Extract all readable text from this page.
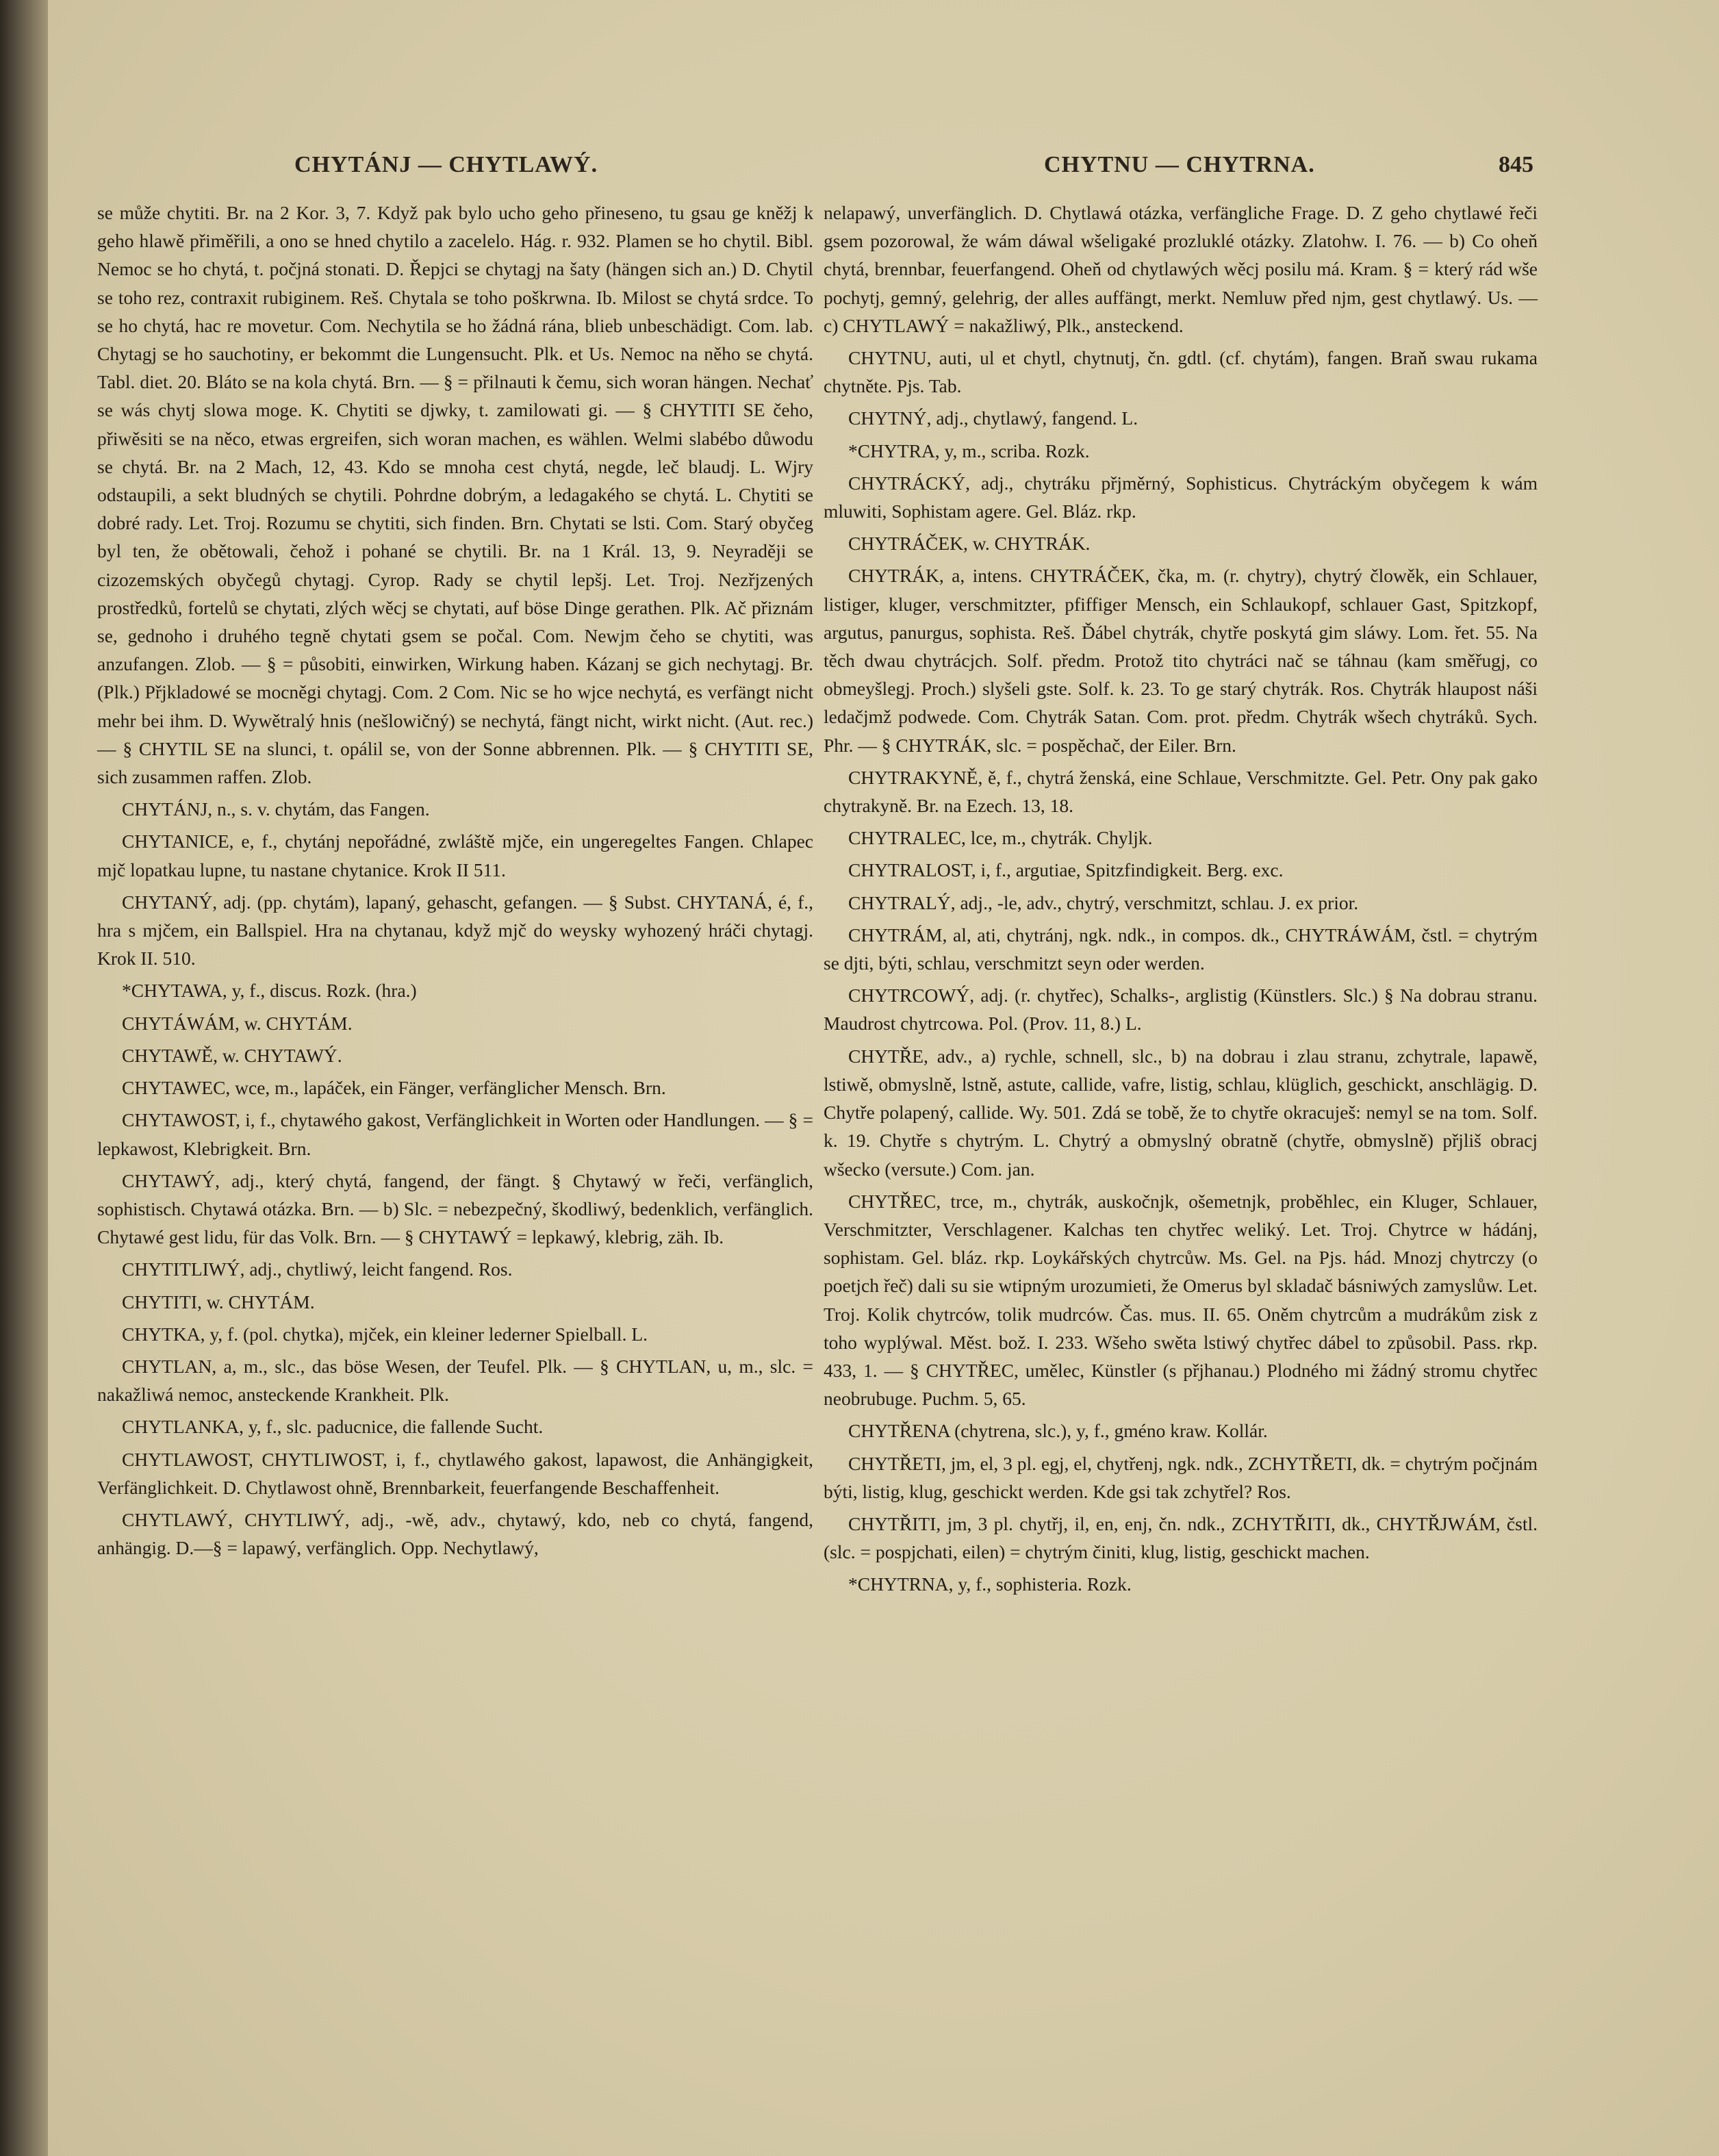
CHYTÁNJ — CHYTLAWÝ.	CHYTNU — CHYTRNA.	845

se může chytiti. Br. na 2 Kor. 3, 7. Když pak bylo ucho geho přineseno, tu gsau ge kněžj k geho hlawě přiměřili, a ono se hned chytilo a zacelelo. Hág. r. 932. Plamen se ho chytil. Bibl. Nemoc se ho chytá, t. počjná stonati. D. Řepjci se chytagj na šaty (hängen sich an.) D. Chytil se toho rez, contraxit rubiginem. Reš. Chytala se toho poškrwna. Ib. Milost se chytá srdce. To se ho chytá, hac re movetur. Com. Nechytila se ho žádná rána, blieb unbeschädigt. Com. lab. Chytagj se ho sauchotiny, er bekommt die Lungensucht. Plk. et Us. Nemoc na něho se chytá. Tabl. diet. 20. Bláto se na kola chytá. Brn. — § = přilnauti k čemu, sich woran hängen. Nechať se wás chytj slowa moge. K. Chytiti se djwky, t. zamilowati gi. — § CHYTITI SE čeho, přiwěsiti se na něco, etwas ergreifen, sich woran machen, es wählen. Welmi slabébo důwodu se chytá. Br. na 2 Mach, 12, 43. Kdo se mnoha cest chytá, negde, leč blaudj. L. Wjry odstaupili, a sekt bludných se chytili. Pohrdne dobrým, a ledagakého se chytá. L. Chytiti se dobré rady. Let. Troj. Rozumu se chytiti, sich finden. Brn. Chytati se lsti. Com. Starý obyčeg byl ten, že obětowali, čehož i pohané se chytili. Br. na 1 Král. 13, 9. Neyraději se cizozemských obyčegů chytagj. Cyrop. Rady se chytil lepšj. Let. Troj. Nezřjzených prostředků, fortelů se chytati, zlých wěcj se chytati, auf böse Dinge gerathen. Plk. Ač přiznám se, gednoho i druhého tegně chytati gsem se počal. Com. Newjm čeho se chytiti, was anzufangen. Zlob. — § = působiti, einwirken, Wirkung haben. Kázanj se gich nechytagj. Br. (Plk.) Přjkladowé se mocněgi chytagj. Com. 2 Com. Nic se ho wjce nechytá, es verfängt nicht mehr bei ihm. D. Wywětralý hnis (nešlowičný) se nechytá, fängt nicht, wirkt nicht. (Aut. rec.) — § CHYTIL SE na slunci, t. opálil se, von der Sonne abbrennen. Plk. — § CHYTITI SE, sich zusammen raffen. Zlob.

CHYTÁNJ, n., s. v. chytám, das Fangen.

CHYTANICE, e, f., chytánj nepořádné, zwláště mjče, ein ungeregeltes Fangen. Chlapec mjč lopatkau lupne, tu nastane chytanice. Krok II 511.

CHYTANÝ, adj. (pp. chytám), lapaný, gehascht, gefangen. — § Subst. CHYTANÁ, é, f., hra s mjčem, ein Ballspiel. Hra na chytanau, když mjč do weysky wyhozený hráči chytagj. Krok II. 510.

*CHYTAWA, y, f., discus. Rozk. (hra.)

CHYTÁWÁM, w. CHYTÁM.

CHYTAWĚ, w. CHYTAWÝ.

CHYTAWEC, wce, m., lapáček, ein Fänger, verfänglicher Mensch. Brn.

CHYTAWOST, i, f., chytawého gakost, Verfänglichkeit in Worten oder Handlungen. — § = lepkawost, Klebrigkeit. Brn.

CHYTAWÝ, adj., který chytá, fangend, der fängt. § Chytawý w řeči, verfänglich, sophistisch. Chytawá otázka. Brn. — b) Slc. = nebezpečný, škodliwý, bedenklich, verfänglich. Chytawé gest lidu, für das Volk. Brn. — § CHYTAWÝ = lepkawý, klebrig, zäh. Ib.

CHYTITLIWÝ, adj., chytliwý, leicht fangend. Ros.

CHYTITI, w. CHYTÁM.

CHYTKA, y, f. (pol. chytka), mjček, ein kleiner lederner Spielball. L.

CHYTLAN, a, m., slc., das böse Wesen, der Teufel. Plk. — § CHYTLAN, u, m., slc. = nakažliwá nemoc, ansteckende Krankheit. Plk.

CHYTLANKA, y, f., slc. paducnice, die fallende Sucht.

CHYTLAWOST, CHYTLIWOST, i, f., chytlawého gakost, lapawost, die Anhängigkeit, Verfänglichkeit. D. Chytlawost ohně, Brennbarkeit, feuerfangende Beschaffenheit.

CHYTLAWÝ, CHYTLIWÝ, adj., -wě, adv., chytawý, kdo, neb co chytá, fangend, anhängig. D.—§ = lapawý, verfänglich. Opp. Nechytlawý,

nelapawý, unverfänglich. D. Chytlawá otázka, verfängliche Frage. D. Z geho chytlawé řeči gsem pozorowal, že wám dáwal wšeligaké prozluklé otázky. Zlatohw. I. 76. — b) Co oheň chytá, brennbar, feuerfangend. Oheň od chytlawých wěcj posilu má. Kram. § = který rád wše pochytj, gemný, gelehrig, der alles auffängt, merkt. Nemluw před njm, gest chytlawý. Us. — c) CHYTLAWÝ = nakažliwý, Plk., ansteckend.

CHYTNU, auti, ul et chytl, chytnutj, čn. gdtl. (cf. chytám), fangen. Braň swau rukama chytněte. Pjs. Tab.

CHYTNÝ, adj., chytlawý, fangend. L.

*CHYTRA, y, m., scriba. Rozk.

CHYTRÁCKÝ, adj., chytráku přjměrný, Sophisticus. Chytráckým obyčegem k wám mluwiti, Sophistam agere. Gel. Bláz. rkp.

CHYTRÁČEK, w. CHYTRÁK.

CHYTRÁK, a, intens. CHYTRÁČEK, čka, m. (r. chytry), chytrý člowěk, ein Schlauer, listiger, kluger, verschmitzter, pfiffiger Mensch, ein Schlaukopf, schlauer Gast, Spitzkopf, argutus, panurgus, sophista. Reš. Ďábel chytrák, chytře poskytá gim sláwy. Lom. řet. 55. Na těch dwau chytrácjch. Solf. předm. Protož tito chytráci nač se táhnau (kam směřugj, co obmeyšlegj. Proch.) slyšeli gste. Solf. k. 23. To ge starý chytrák. Ros. Chytrák hlaupost náši ledačjmž podwede. Com. Chytrák Satan. Com. prot. předm. Chytrák wšech chytráků. Sych. Phr. — § CHYTRÁK, slc. = pospěchač, der Eiler. Brn.

CHYTRAKYNĚ, ě, f., chytrá ženská, eine Schlaue, Verschmitzte. Gel. Petr. Ony pak gako chytrakyně. Br. na Ezech. 13, 18.

CHYTRALEC, lce, m., chytrák. Chyljk.

CHYTRALOST, i, f., argutiae, Spitzfindigkeit. Berg. exc.

CHYTRALÝ, adj., -le, adv., chytrý, verschmitzt, schlau. J. ex prior.

CHYTRÁM, al, ati, chytránj, ngk. ndk., in compos. dk., CHYTRÁWÁM, čstl. = chytrým se djti, býti, schlau, verschmitzt seyn oder werden.

CHYTRCOWÝ, adj. (r. chytřec), Schalks-, arglistig (Künstlers. Slc.) § Na dobrau stranu. Maudrost chytrcowa. Pol. (Prov. 11, 8.) L.

CHYTŘE, adv., a) rychle, schnell, slc., b) na dobrau i zlau stranu, zchytrale, lapawě, lstiwě, obmyslně, lstně, astute, callide, vafre, listig, schlau, klüglich, geschickt, anschlägig. D. Chytře polapený, callide. Wy. 501. Zdá se tobě, že to chytře okracuješ: nemyl se na tom. Solf. k. 19. Chytře s chytrým. L. Chytrý a obmyslný obratně (chytře, obmyslně) přjliš obracj wšecko (versute.) Com. jan.

CHYTŘEC, trce, m., chytrák, auskočnjk, ošemetnjk, proběhlec, ein Kluger, Schlauer, Verschmitzter, Verschlagener. Kalchas ten chytřec weliký. Let. Troj. Chytrce w hádánj, sophistam. Gel. bláz. rkp. Loykářských chytrcůw. Ms. Gel. na Pjs. hád. Mnozj chytrczy (o poetjch řeč) dali su sie wtipným urozumieti, že Omerus byl skladač básniwých zamyslůw. Let. Troj. Kolik chytrców, tolik mudrców. Čas. mus. II. 65. Oněm chytrcům a mudrákům zisk z toho wyplýwal. Měst. bož. I. 233. Wšeho swěta lstiwý chytřec dábel to způsobil. Pass. rkp. 433, 1. — § CHYTŘEC, umělec, Künstler (s přjhanau.) Plodného mi žádný stromu chytřec neobrubuge. Puchm. 5, 65.

CHYTŘENA (chytrena, slc.), y, f., gméno kraw. Kollár.

CHYTŘETI, jm, el, 3 pl. egj, el, chytřenj, ngk. ndk., ZCHYTŘETI, dk. = chytrým počjnám býti, listig, klug, geschickt werden. Kde gsi tak zchytřel? Ros.

CHYTŘITI, jm, 3 pl. chytřj, il, en, enj, čn. ndk., ZCHYTŘITI, dk., CHYTŘJWÁM, čstl. (slc. = pospjchati, eilen) = chytrým činiti, klug, listig, geschickt machen.

*CHYTRNA, y, f., sophisteria. Rozk.
